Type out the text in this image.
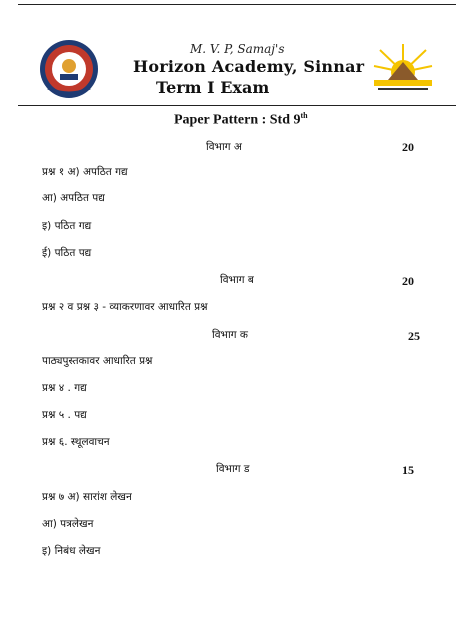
M. V. P, Samaj's
Horizon Academy, Sinnar
Term I Exam
Paper Pattern : Std 9th
विभाग अ	20
प्रश्न १ अ) अपठित गद्य
आ) अपठित पद्य
इ) पठित गद्य
ई) पठित पद्य
विभाग ब	20
प्रश्न २ व प्रश्न ३ - व्याकरणावर आधारित प्रश्न
विभाग क	25
पाठ्यपुस्तकावर आधारित प्रश्न
प्रश्न ४ . गद्य
प्रश्न ५ . पद्य
प्रश्न ६. स्थूलवाचन
विभाग ड	15
प्रश्न ७ अ) सारांश लेखन
आ) पत्रलेखन
इ) निबंध लेखन
